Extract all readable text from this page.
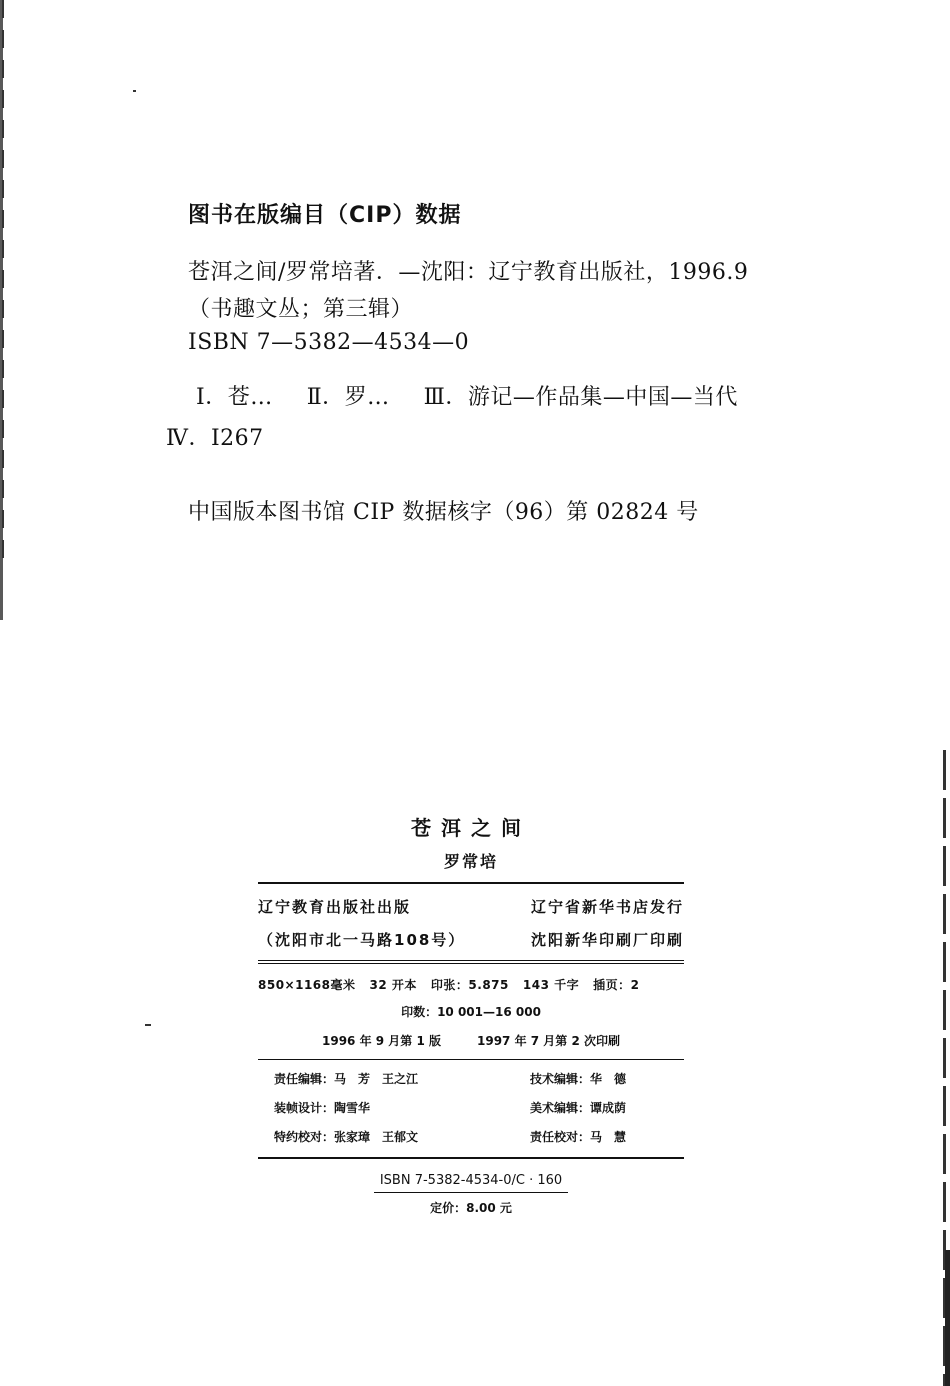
图书在版编目（CIP）数据
苍洱之间/罗常培著．—沈阳：辽宁教育出版社，1996.9
（书趣文丛；第三辑）
ISBN 7—5382—4534—0
Ⅰ．苍… Ⅱ．罗… Ⅲ．游记—作品集—中国—当代
Ⅳ．I267
中国版本图书馆 CIP 数据核字（96）第 02824 号
苍洱之间
罗常培
辽宁教育出版社出版	辽宁省新华书店发行
（沈阳市北一马路108号）	沈阳新华印刷厂印刷
850×1168毫米 32 开本 印张：5.875 143 千字 插页：2
印数：10 001—16 000
1996 年 9 月第 1 版	1997 年 7 月第 2 次印刷
责任编辑：马　芳　王之江	技术编辑：华　德
装帧设计：陶雪华	美术编辑：谭成荫
特约校对：张家璋　王郁文	责任校对：马　慧
ISBN 7-5382-4534-0/C · 160
定价：8.00 元
